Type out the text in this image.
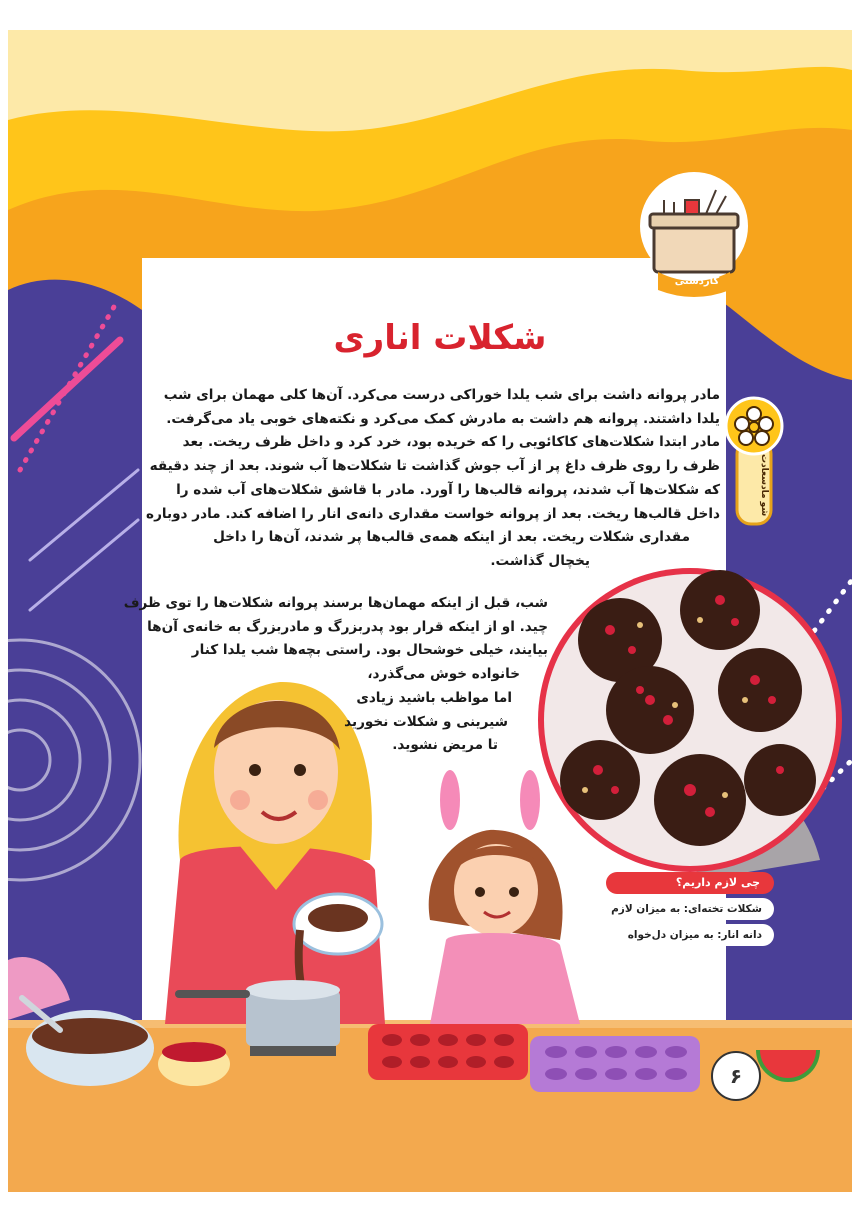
کاردستی
شو مادسعادت
شکلات اناری
مادر پروانه داشت برای شب یلدا خوراکی درست می‌کرد. آن‌ها کلی مهمان برای شب
یلدا داشتند. پروانه هم داشت به مادرش کمک می‌کرد و نکته‌های خوبی یاد می‌گرفت.
مادر ابتدا شکلات‌های کاکائویی را که خریده بود، خرد کرد و داخل ظرف ریخت. بعد
ظرف را روی ظرف داغ پر از آب جوش گذاشت تا شکلات‌ها آب شوند. بعد از چند دقیقه
که شکلات‌ها آب شدند، پروانه قالب‌ها را آورد. مادر با قاشق شکلات‌های آب شده را
داخل قالب‌ها ریخت. بعد از پروانه خواست مقداری دانه‌ی انار را اضافه کند. مادر دوباره
مقداری شکلات ریخت. بعد از اینکه همه‌ی قالب‌ها پر شدند، آن‌ها را داخل
یخچال گذاشت.
شب، قبل از اینکه مهمان‌ها برسند پروانه شکلات‌ها را توی ظرف
چید. او از اینکه قرار بود پدربزرگ و مادربزرگ به خانه‌ی آن‌ها
بیایند، خیلی خوشحال بود. راستی بچه‌ها شب یلدا کنار
خانواده خوش می‌گذرد،
اما مواظب باشید زیادی
شیرینی و شکلات نخورید
تا مریض نشوید.
چی لازم داریم؟
شکلات تخته‌ای: به میزان لازم
دانه انار: به میزان دل‌خواه
۶
